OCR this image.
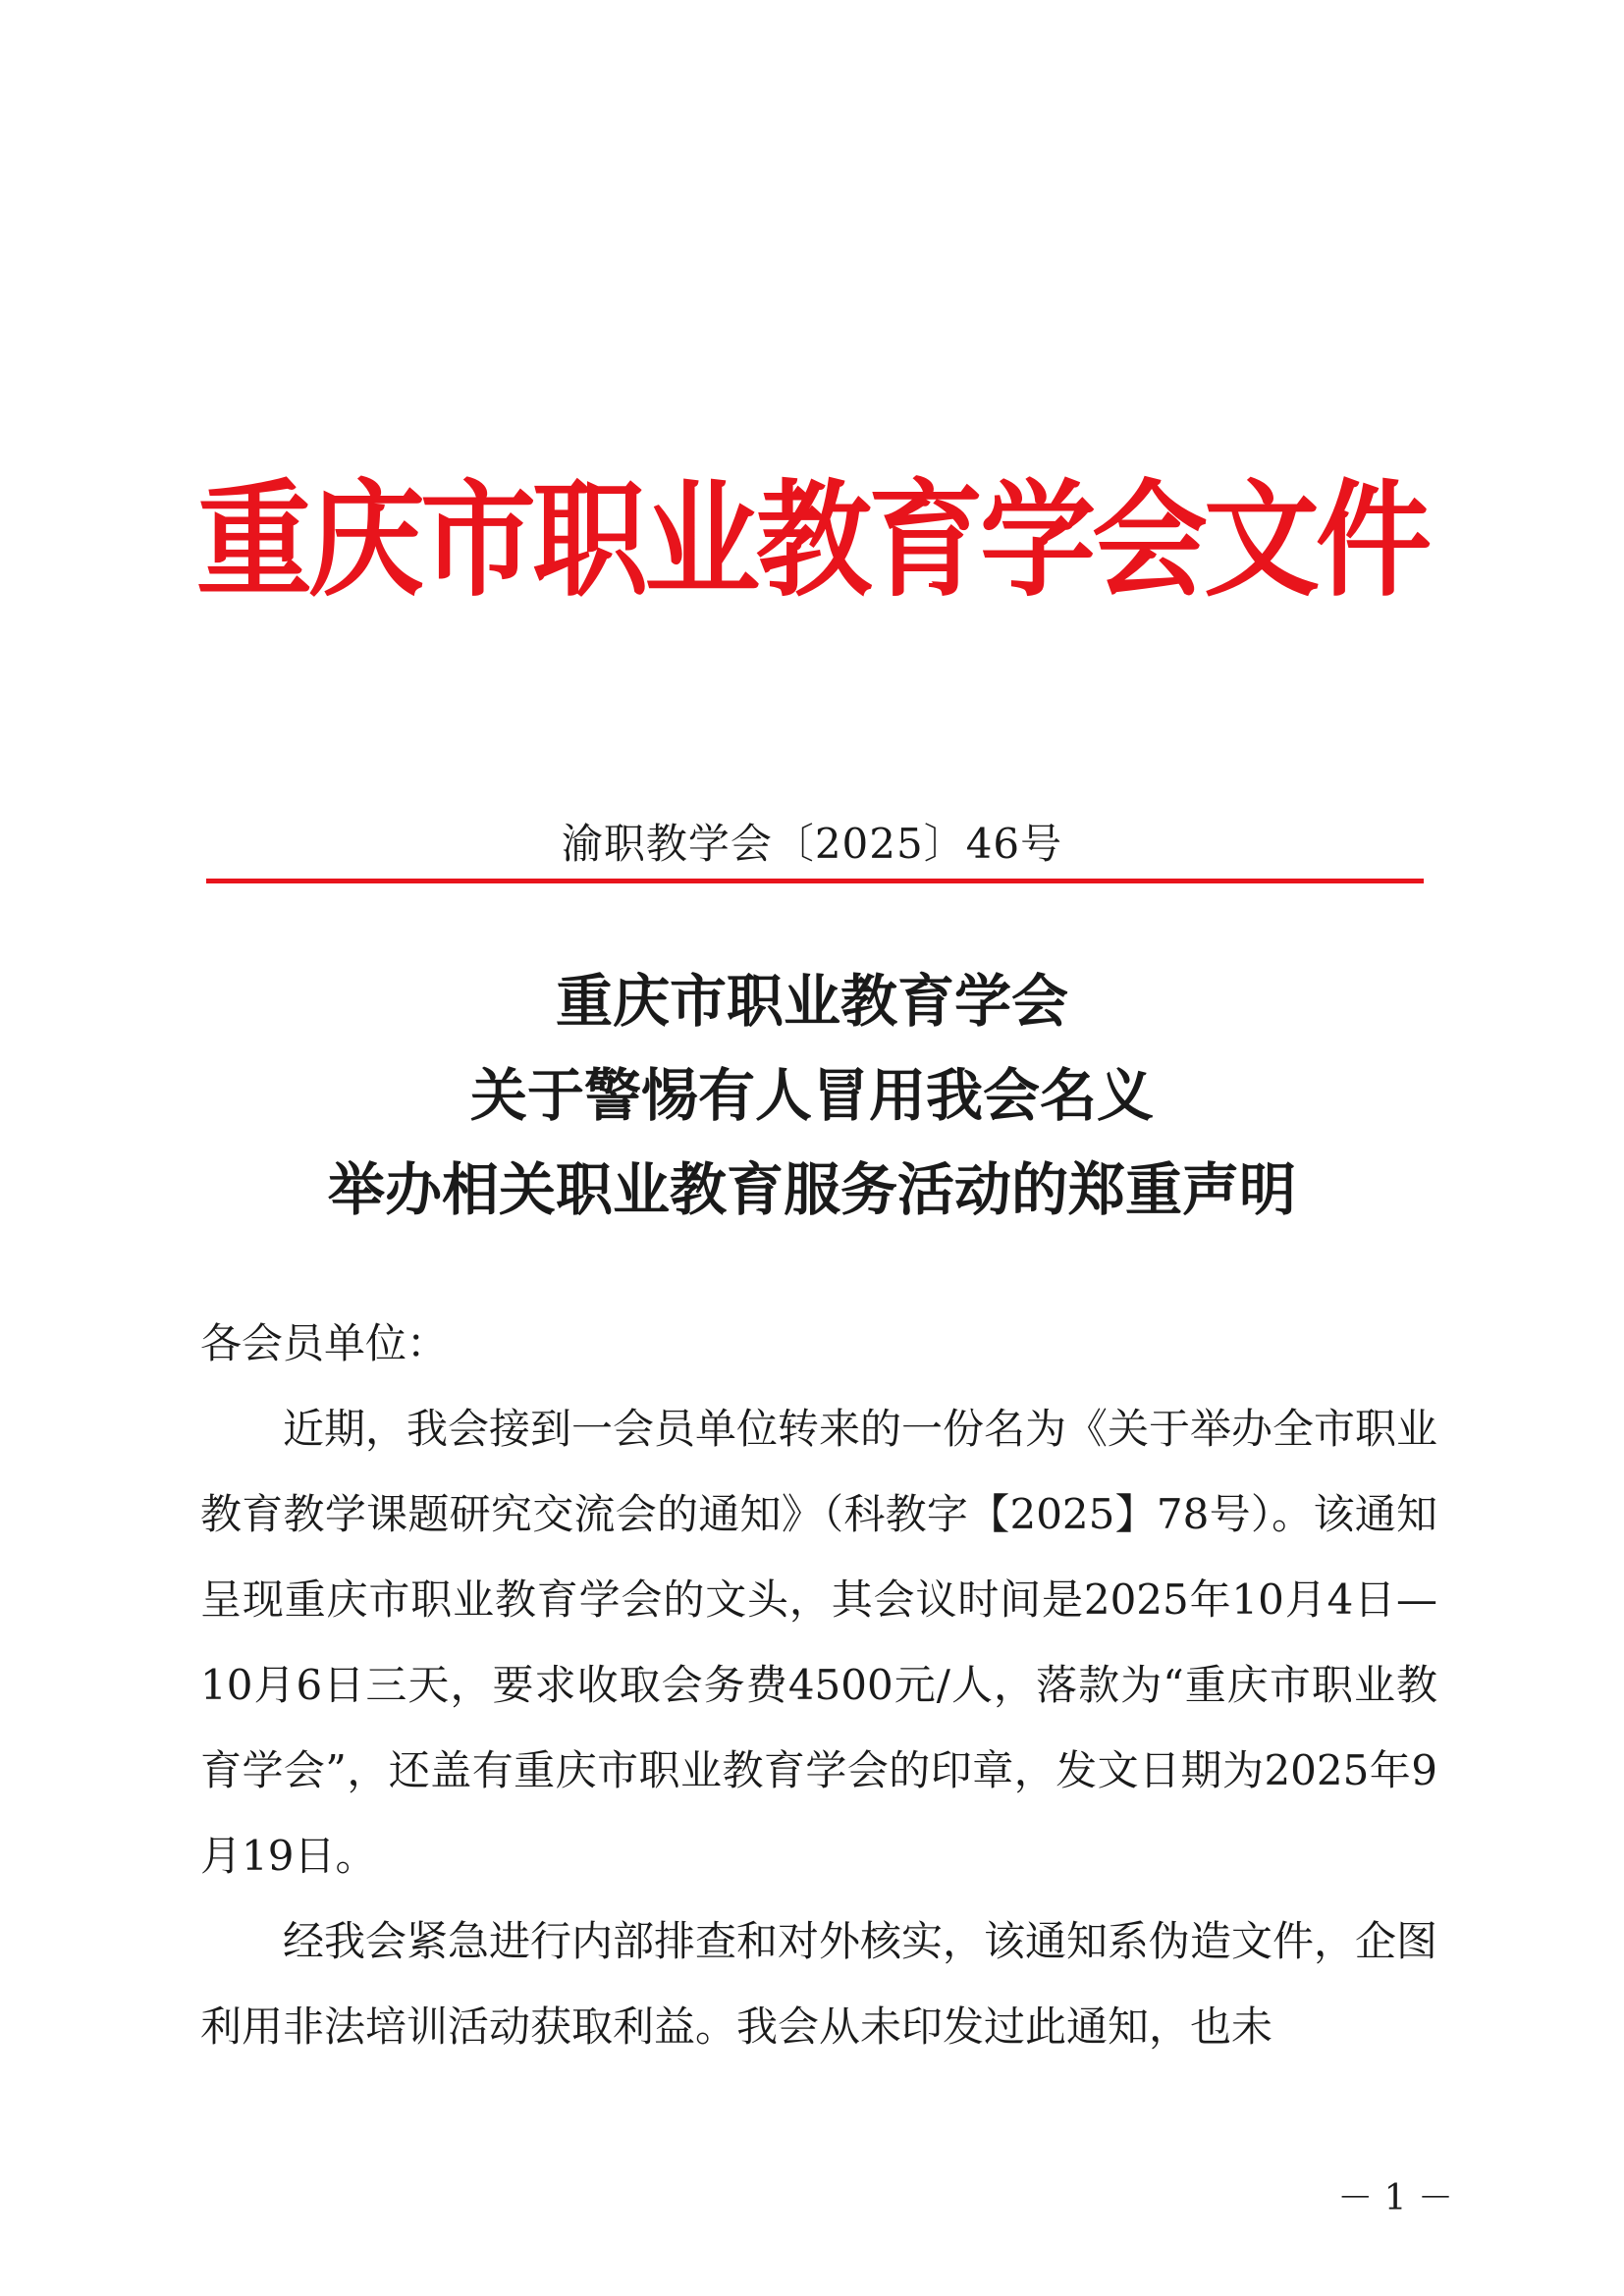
重庆市职业教育学会文件
渝职教学会〔2025〕46号
重庆市职业教育学会
关于警惕有人冒用我会名义
举办相关职业教育服务活动的郑重声明

各会员单位：

近期，我会接到一会员单位转来的一份名为《关于举办全市职业教育教学课题研究交流会的通知》（科教字【2025】78号）。该通知呈现重庆市职业教育学会的文头，其会议时间是2025年10月4日—10月6日三天，要求收取会务费4500元/人，落款为“重庆市职业教育学会”，还盖有重庆市职业教育学会的印章，发文日期为2025年9月19日。

经我会紧急进行内部排查和对外核实，该通知系伪造文件，企图利用非法培训活动获取利益。我会从未印发过此通知，也未

－ 1 －
